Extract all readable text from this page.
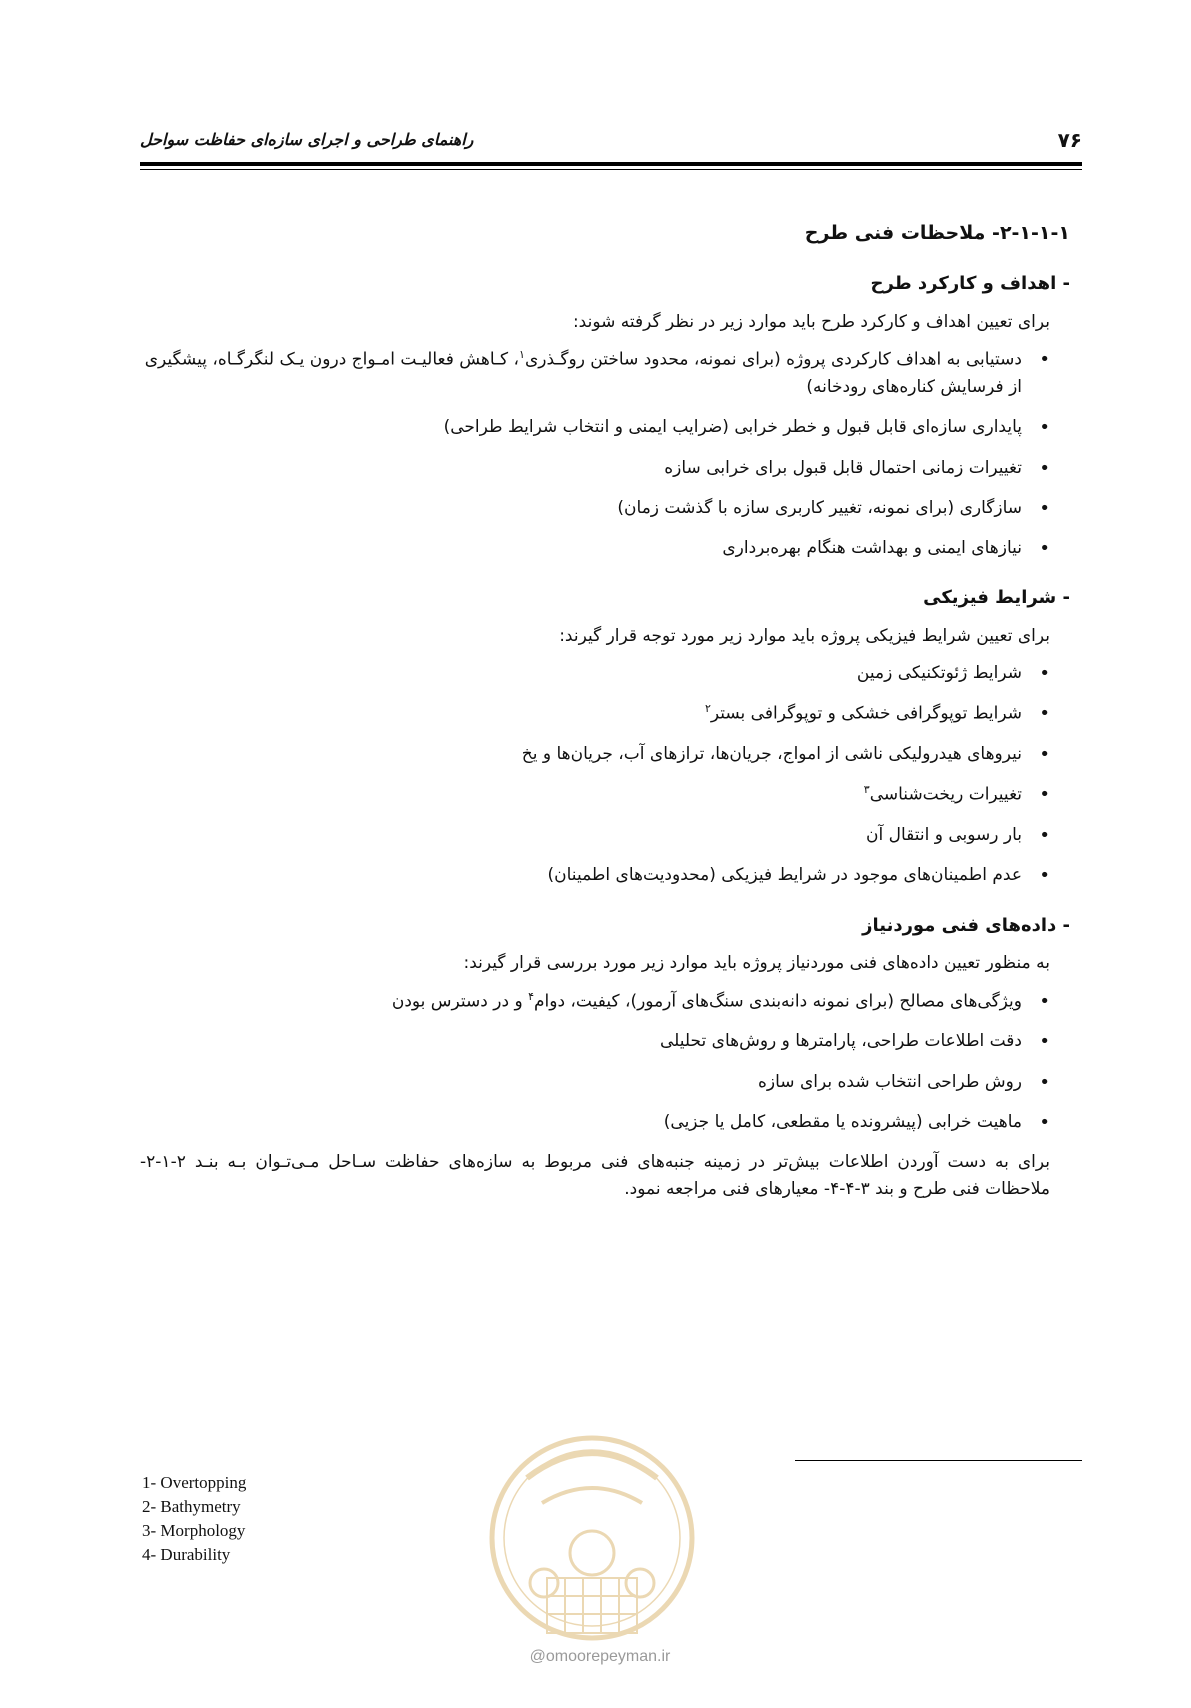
۷۶
راهنمای طراحی و اجرای سازه‌ای حفاظت سواحل
۲-۱-۱-۱- ملاحظات فنی طرح
- اهداف و کارکرد طرح

برای تعیین اهداف و کارکرد طرح باید موارد زیر در نظر گرفته شوند:

•
دستیابی به اهداف کارکردی پروژه (برای نمونه، محدود ساختن روگـذری$^۱$، کـاهش فعالیـت امـواج درون یـک لنگرگـاه، پیشگیری از فرسایش کناره‌های رودخانه)
•
پایداری سازه‌ای قابل قبول و خطر خرابی (ضرایب ایمنی و انتخاب شرایط طراحی)
•
تغییرات زمانی احتمال قابل قبول برای خرابی سازه
•
سازگاری (برای نمونه، تغییر کاربری سازه با گذشت زمان)
•
نیازهای ایمنی و بهداشت هنگام بهره‌برداری
- شرایط فیزیکی

برای تعیین شرایط فیزیکی پروژه باید موارد زیر مورد توجه قرار گیرند:

•
شرایط ژئوتکنیکی زمین
•
شرایط توپوگرافی خشکی و توپوگرافی بستر$^۲$
•
نیروهای هیدرولیکی ناشی از امواج، جریان‌ها، ترازهای آب، جریان‌ها و یخ
•
تغییرات ریخت‌شناسی$^۳$
•
بار رسوبی و انتقال آن
•
عدم اطمینان‌های موجود در شرایط فیزیکی (محدودیت‌های اطمینان)
- داده‌های فنی موردنیاز

به منظور تعیین داده‌های فنی موردنیاز پروژه باید موارد زیر مورد بررسی قرار گیرند:

•
ویژگی‌های مصالح (برای نمونه دانه‌بندی سنگ‌های آرمور)، کیفیت، دوام$^۴$ و در دسترس بودن
•
دقت اطلاعات طراحی، پارامترها و روش‌های تحلیلی
•
روش طراحی انتخاب شده برای سازه
•
ماهیت خرابی (پیشرونده یا مقطعی، کامل یا جزیی)

برای به دست آوردن اطلاعات بیش‌تر در زمینه جنبه‌های فنی مربوط به سازه‌های حفاظت سـاحل مـی‌تـوان بـه بنـد ۲-۱-۲- ملاحظات فنی طرح و بند ۳-۴-۴- معیارهای فنی مراجعه نمود.

1- Overtopping
2- Bathymetry
3- Morphology
4- Durability
@omoorepeyman.ir
